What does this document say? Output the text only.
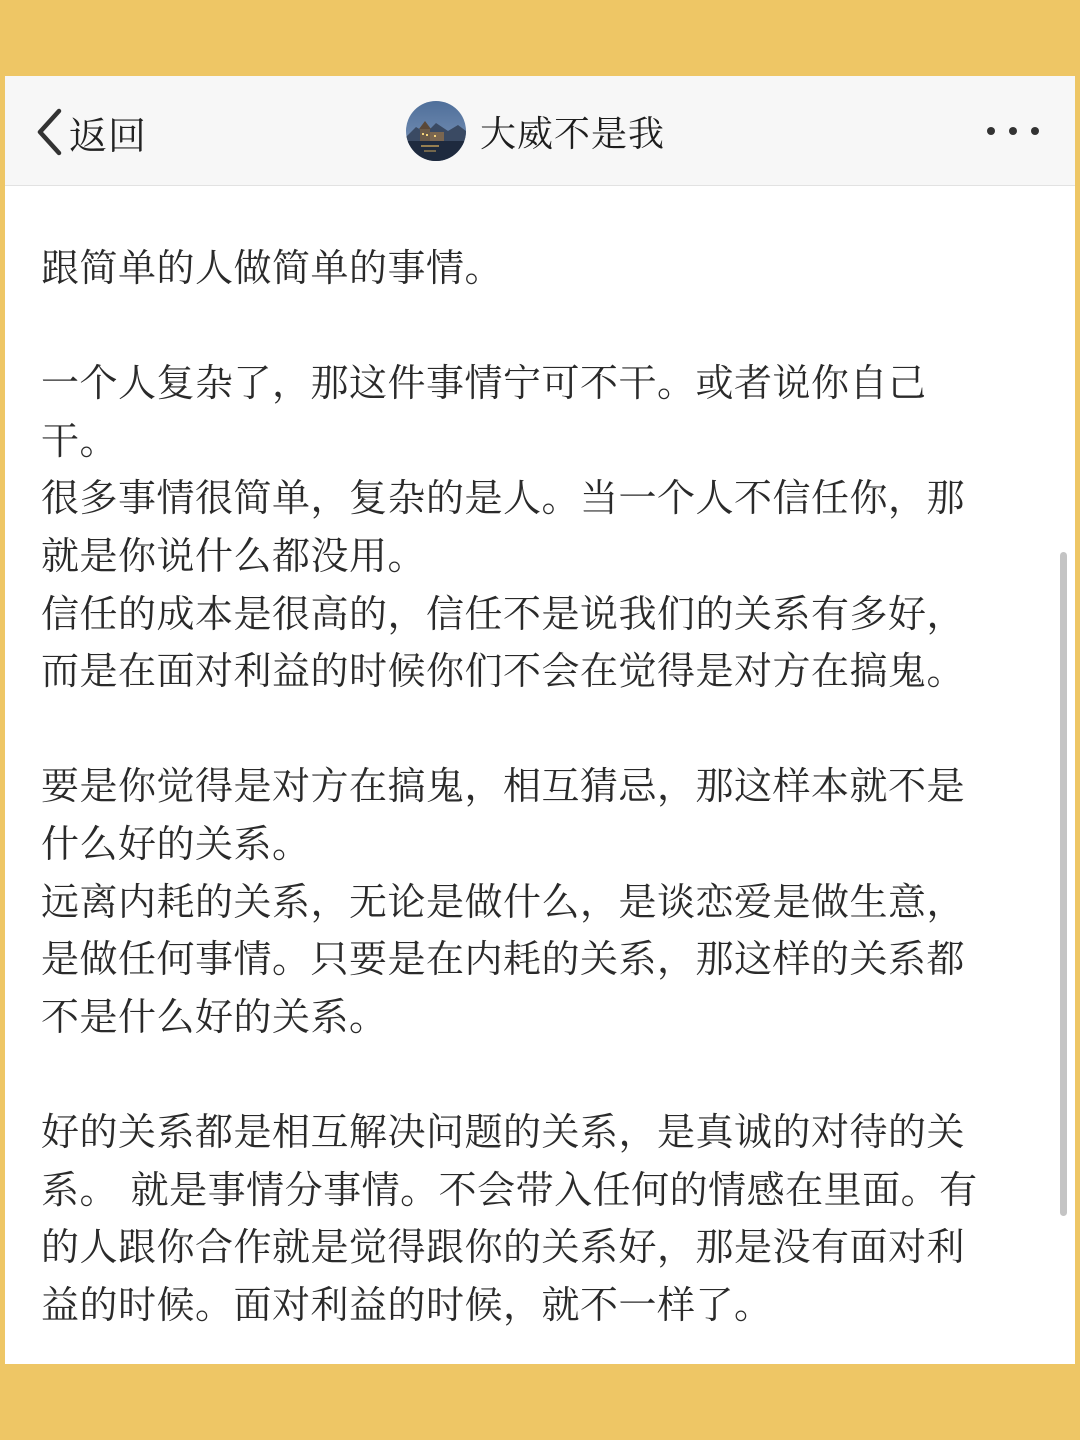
返回	大威不是我

跟简单的人做简单的事情。

一个人复杂了，那这件事情宁可不干。或者说你自己
干。

很多事情很简单，复杂的是人。当一个人不信任你，那
就是你说什么都没用。

信任的成本是很高的，信任不是说我们的关系有多好，
而是在面对利益的时候你们不会在觉得是对方在搞鬼。

要是你觉得是对方在搞鬼，相互猜忌，那这样本就不是
什么好的关系。

远离内耗的关系，无论是做什么，是谈恋爱是做生意，
是做任何事情。只要是在内耗的关系，那这样的关系都
不是什么好的关系。

好的关系都是相互解决问题的关系，是真诚的对待的关
系。 就是事情分事情。不会带入任何的情感在里面。有
的人跟你合作就是觉得跟你的关系好，那是没有面对利
益的时候。面对利益的时候，就不一样了。
